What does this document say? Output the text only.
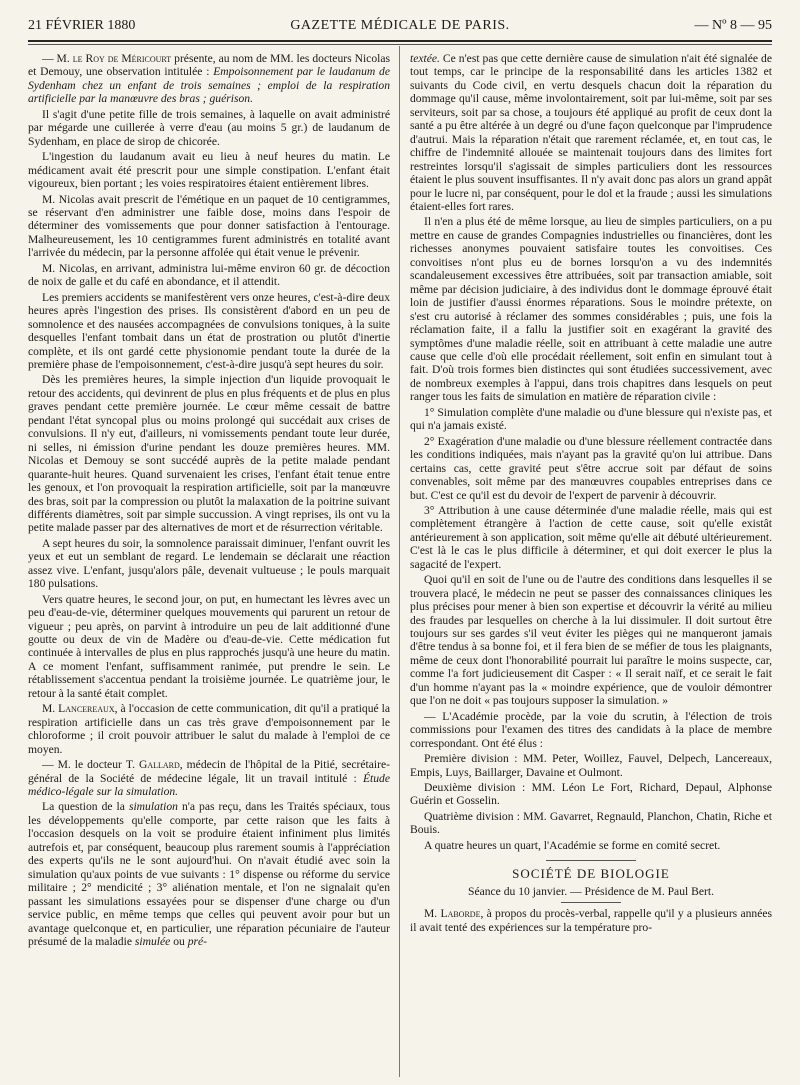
21 FÉVRIER 1880	GAZETTE MÉDICALE DE PARIS.	— Nº 8 — 95

— M. le Roy de Méricourt présente, au nom de MM. les docteurs Nicolas et Demouy, une observation intitulée : Empoisonnement par le laudanum de Sydenham chez un enfant de trois semaines ; emploi de la respiration artificielle par la manœuvre des bras ; guérison.

Il s'agit d'une petite fille de trois semaines, à laquelle on avait administré par mégarde une cuillerée à verre d'eau (au moins 5 gr.) de laudanum de Sydenham, en place de sirop de chicorée.

L'ingestion du laudanum avait eu lieu à neuf heures du matin. Le médicament avait été prescrit pour une simple constipation. L'enfant était vigoureux, bien portant ; les voies respiratoires étaient entièrement libres.

M. Nicolas avait prescrit de l'émétique en un paquet de 10 centigrammes, se réservant d'en administrer une faible dose, moins dans l'espoir de déterminer des vomissements que pour donner satisfaction à l'entourage. Malheureusement, les 10 centigrammes furent administrés en totalité avant l'arrivée du médecin, par la personne affolée qui était venue le prévenir.

M. Nicolas, en arrivant, administra lui-même environ 60 gr. de décoction de noix de galle et du café en abondance, et il attendit.

Les premiers accidents se manifestèrent vers onze heures, c'est-à-dire deux heures après l'ingestion des prises. Ils consistèrent d'abord en un peu de somnolence et des nausées accompagnées de convulsions toniques, à la suite desquelles l'enfant tombait dans un état de prostration ou plutôt d'inertie complète, et ils ont gardé cette physionomie pendant toute la durée de la première phase de l'empoisonnement, c'est-à-dire jusqu'à sept heures du soir.

Dès les premières heures, la simple injection d'un liquide provoquait le retour des accidents, qui devinrent de plus en plus fréquents et de plus en plus graves pendant cette première journée. Le cœur même cessait de battre pendant l'état syncopal plus ou moins prolongé qui succédait aux crises de convulsions. Il n'y eut, d'ailleurs, ni vomissements pendant toute leur durée, ni selles, ni émission d'urine pendant les douze premières heures. MM. Nicolas et Demouy se sont succédé auprès de la petite malade pendant quarante-huit heures. Quand survenaient les crises, l'enfant était tenue entre les genoux, et l'on provoquait la respiration artificielle, soit par la manœuvre des bras, soit par la compression ou plutôt la malaxation de la poitrine suivant différents diamètres, soit par simple succussion. A vingt reprises, ils ont vu la petite malade passer par des alternatives de mort et de résurrection véritable.

A sept heures du soir, la somnolence paraissait diminuer, l'enfant ouvrit les yeux et eut un semblant de regard. Le lendemain se déclarait une réaction assez vive. L'enfant, jusqu'alors pâle, devenait vultueuse ; le pouls marquait 180 pulsations.

Vers quatre heures, le second jour, on put, en humectant les lèvres avec un peu d'eau-de-vie, déterminer quelques mouvements qui parurent un retour de vigueur ; peu après, on parvint à introduire un peu de lait additionné d'une goutte ou deux de vin de Madère ou d'eau-de-vie. Cette médication fut continuée à intervalles de plus en plus rapprochés jusqu'à une heure du matin. A ce moment l'enfant, suffisamment ranimée, put prendre le sein. Le rétablissement s'accentua pendant la troisième journée. Le quatrième jour, le retour à la santé était complet.

M. Lancereaux, à l'occasion de cette communication, dit qu'il a pratiqué la respiration artificielle dans un cas très grave d'empoisonnement par le chloroforme ; il croit pouvoir attribuer le salut du malade à l'emploi de ce moyen.

— M. le docteur T. Gallard, médecin de l'hôpital de la Pitié, secrétaire-général de la Société de médecine légale, lit un travail intitulé : Étude médico-légale sur la simulation.

La question de la simulation n'a pas reçu, dans les Traités spéciaux, tous les développements qu'elle comporte, par cette raison que les faits à l'occasion desquels on la voit se produire étaient infiniment plus limités autrefois et, par conséquent, beaucoup plus rarement soumis à l'appréciation des experts qu'ils ne le sont aujourd'hui. On n'avait étudié avec soin la simulation qu'aux points de vue suivants : 1° dispense ou réforme du service militaire ; 2° mendicité ; 3° aliénation mentale, et l'on ne signalait qu'en passant les simulations essayées pour se dispenser d'une charge ou d'un service public, en même temps que celles qui peuvent avoir pour but un avantage quelconque et, en particulier, une réparation pécuniaire de l'auteur présumé de la maladie simulée ou pré-

textée. Ce n'est pas que cette dernière cause de simulation n'ait été signalée de tout temps, car le principe de la responsabilité dans les articles 1382 et suivants du Code civil, en vertu desquels chacun doit la réparation du dommage qu'il cause, même involontairement, soit par lui-même, soit par ses serviteurs, soit par sa chose, a toujours été appliqué au profit de ceux dont la santé a pu être altérée à un degré ou d'une façon quelconque par l'imprudence d'autrui. Mais la réparation n'était que rarement réclamée, et, en tout cas, le chiffre de l'indemnité allouée se maintenait toujours dans des limites fort restreintes lorsqu'il s'agissait de simples particuliers dont les ressources étaient le plus souvent insuffisantes. Il n'y avait donc pas alors un grand appât pour le lucre ni, par conséquent, pour le dol et la fraude ; aussi les simulations étaient-elles fort rares.

Il n'en a plus été de même lorsque, au lieu de simples particuliers, on a pu mettre en cause de grandes Compagnies industrielles ou financières, dont les richesses anonymes pouvaient satisfaire toutes les convoitises. Ces convoitises n'ont plus eu de bornes lorsqu'on a vu des indemnités scandaleusement excessives être attribuées, soit par transaction amiable, soit même par décision judiciaire, à des individus dont le dommage éprouvé était loin de justifier d'aussi énormes réparations. Sous le moindre prétexte, on s'est cru autorisé à réclamer des sommes considérables ; puis, une fois la réclamation faite, il a fallu la justifier soit en exagérant la gravité des symptômes d'une maladie réelle, soit en attribuant à cette maladie une autre cause que celle d'où elle procédait réellement, soit enfin en simulant tout à fait. D'où trois formes bien distinctes qui sont étudiées successivement, avec de nombreux exemples à l'appui, dans trois chapitres dans lesquels on peut ranger tous les faits de simulation en matière de réparation civile :

1° Simulation complète d'une maladie ou d'une blessure qui n'existe pas, et qui n'a jamais existé.

2° Exagération d'une maladie ou d'une blessure réellement contractée dans les conditions indiquées, mais n'ayant pas la gravité qu'on lui attribue. Dans certains cas, cette gravité peut s'être accrue soit par défaut de soins convenables, soit même par des manœuvres coupables entreprises dans ce but. C'est ce qu'il est du devoir de l'expert de parvenir à découvrir.

3° Attribution à une cause déterminée d'une maladie réelle, mais qui est complètement étrangère à l'action de cette cause, soit qu'elle existât antérieurement à son application, soit même qu'elle ait débuté ultérieurement. C'est là le cas le plus difficile à déterminer, et qui doit exercer le plus la sagacité de l'expert.

Quoi qu'il en soit de l'une ou de l'autre des conditions dans lesquelles il se trouvera placé, le médecin ne peut se passer des connaissances cliniques les plus précises pour mener à bien son expertise et découvrir la vérité au milieu des fraudes par lesquelles on cherche à la lui dissimuler. Il doit surtout être toujours sur ses gardes s'il veut éviter les pièges qui ne manqueront jamais d'être tendus à sa bonne foi, et il fera bien de se méfier de tous les plaignants, même de ceux dont l'honorabilité pourrait lui paraître le moins suspecte, car, comme l'a fort judicieusement dit Casper : « Il serait naïf, et ce serait le fait d'un homme n'ayant pas la « moindre expérience, que de vouloir démontrer que l'on ne doit « pas toujours supposer la simulation. »

— L'Académie procède, par la voie du scrutin, à l'élection de trois commissions pour l'examen des titres des candidats à la place de membre correspondant. Ont été élus :

Première division : MM. Peter, Woillez, Fauvel, Delpech, Lancereaux, Empis, Luys, Baillarger, Davaine et Oulmont.

Deuxième division : MM. Léon Le Fort, Richard, Depaul, Alphonse Guérin et Gosselin.

Quatrième division : MM. Gavarret, Regnauld, Planchon, Chatin, Riche et Bouis.

A quatre heures un quart, l'Académie se forme en comité secret.

SOCIÉTÉ DE BIOLOGIE

Séance du 10 janvier. — Présidence de M. Paul Bert.

M. Laborde, à propos du procès-verbal, rappelle qu'il y a plusieurs années il avait tenté des expériences sur la température pro-
